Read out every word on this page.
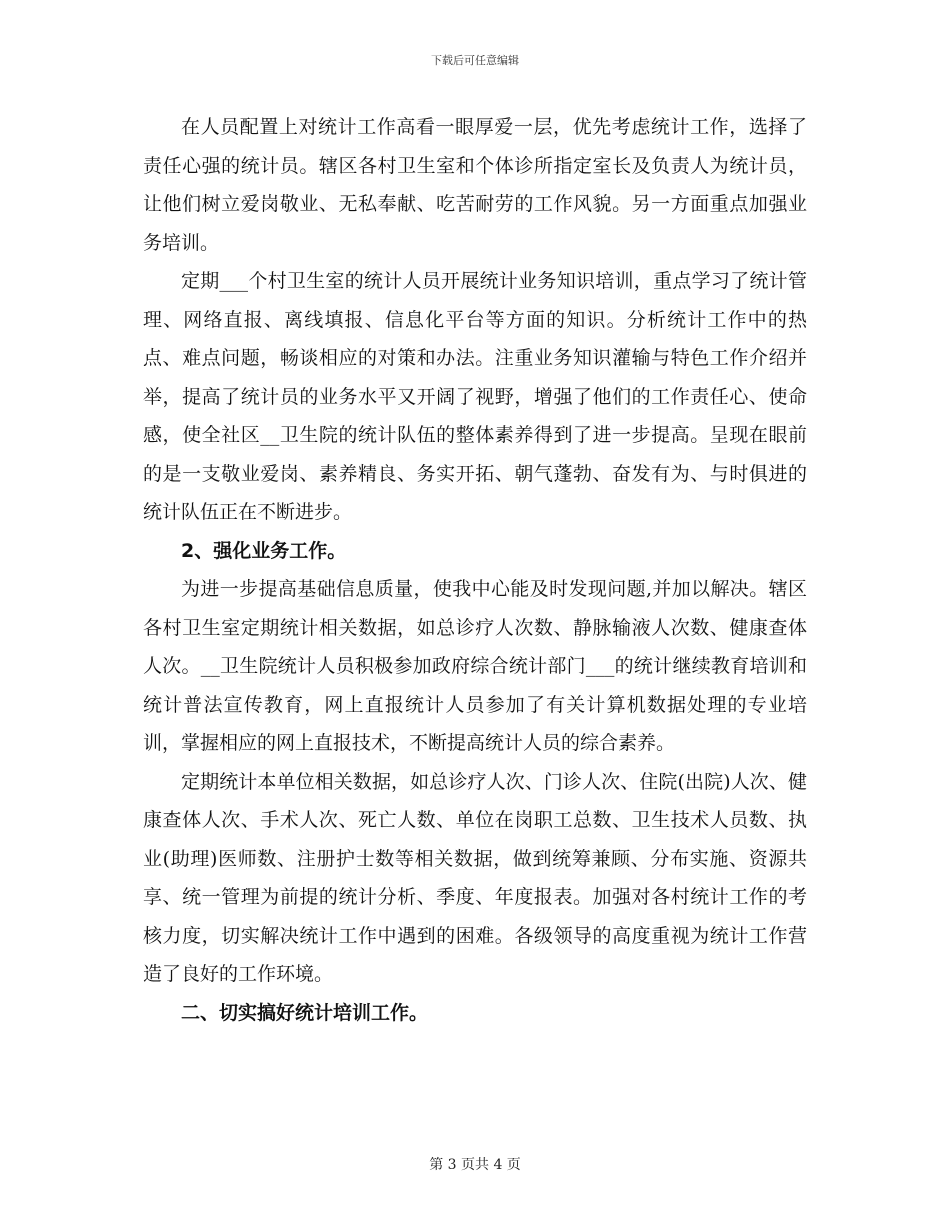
下载后可任意编辑

在人员配置上对统计工作高看一眼厚爱一层，优先考虑统计工作，选择了责任心强的统计员。辖区各村卫生室和个体诊所指定室长及负责人为统计员，让他们树立爱岗敬业、无私奉献、吃苦耐劳的工作风貌。另一方面重点加强业务培训。

定期___个村卫生室的统计人员开展统计业务知识培训，重点学习了统计管理、网络直报、离线填报、信息化平台等方面的知识。分析统计工作中的热点、难点问题，畅谈相应的对策和办法。注重业务知识灌输与特色工作介绍并举，提高了统计员的业务水平又开阔了视野，增强了他们的工作责任心、使命感，使全社区__卫生院的统计队伍的整体素养得到了进一步提高。呈现在眼前的是一支敬业爱岗、素养精良、务实开拓、朝气蓬勃、奋发有为、与时俱进的统计队伍正在不断进步。

2、强化业务工作。

为进一步提高基础信息质量，使我中心能及时发现问题,并加以解决。辖区各村卫生室定期统计相关数据，如总诊疗人次数、静脉输液人次数、健康查体人次。__卫生院统计人员积极参加政府综合统计部门___的统计继续教育培训和统计普法宣传教育，网上直报统计人员参加了有关计算机数据处理的专业培训，掌握相应的网上直报技术，不断提高统计人员的综合素养。

定期统计本单位相关数据，如总诊疗人次、门诊人次、住院(出院)人次、健康查体人次、手术人次、死亡人数、单位在岗职工总数、卫生技术人员数、执业(助理)医师数、注册护士数等相关数据，做到统筹兼顾、分布实施、资源共享、统一管理为前提的统计分析、季度、年度报表。加强对各村统计工作的考核力度，切实解决统计工作中遇到的困难。各级领导的高度重视为统计工作营造了良好的工作环境。

二、切实搞好统计培训工作。

第 3 页共 4 页
